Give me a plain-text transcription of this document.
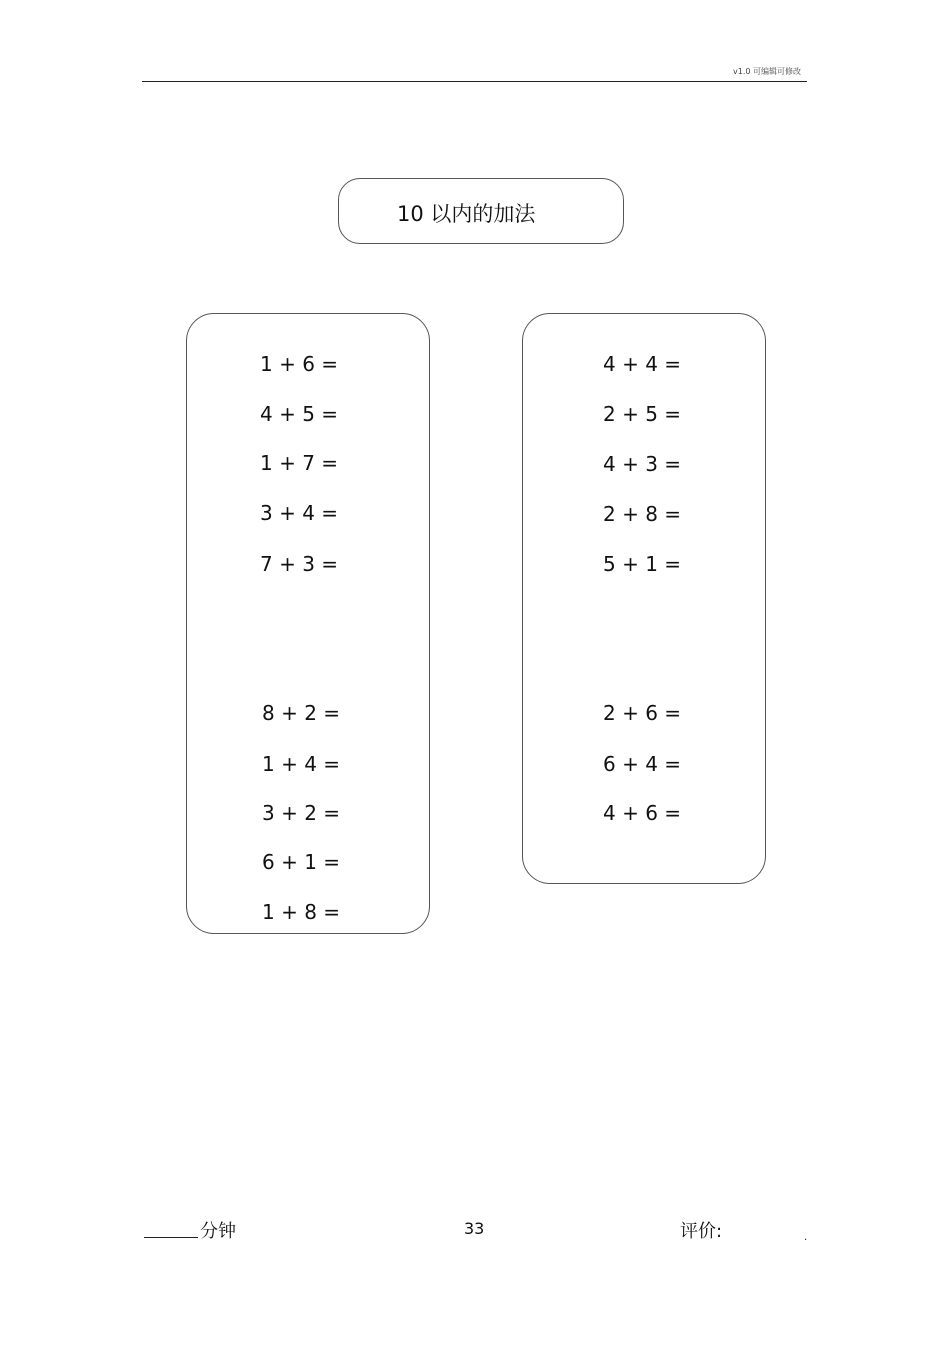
v1.0 可编辑可修改
10 以内的加法
1 + 6 =
4 + 5 =
1 + 7 =
3 + 4 =
7 + 3 =
8 + 2 =
1 + 4 =
3 + 2 =
6 + 1 =
1 + 8 =
4 + 4 =
2 + 5 =
4 + 3 =
2 + 8 =
5 + 1 =
2 + 6 =
6 + 4 =
4 + 6 =
分钟	33	评价:	.
